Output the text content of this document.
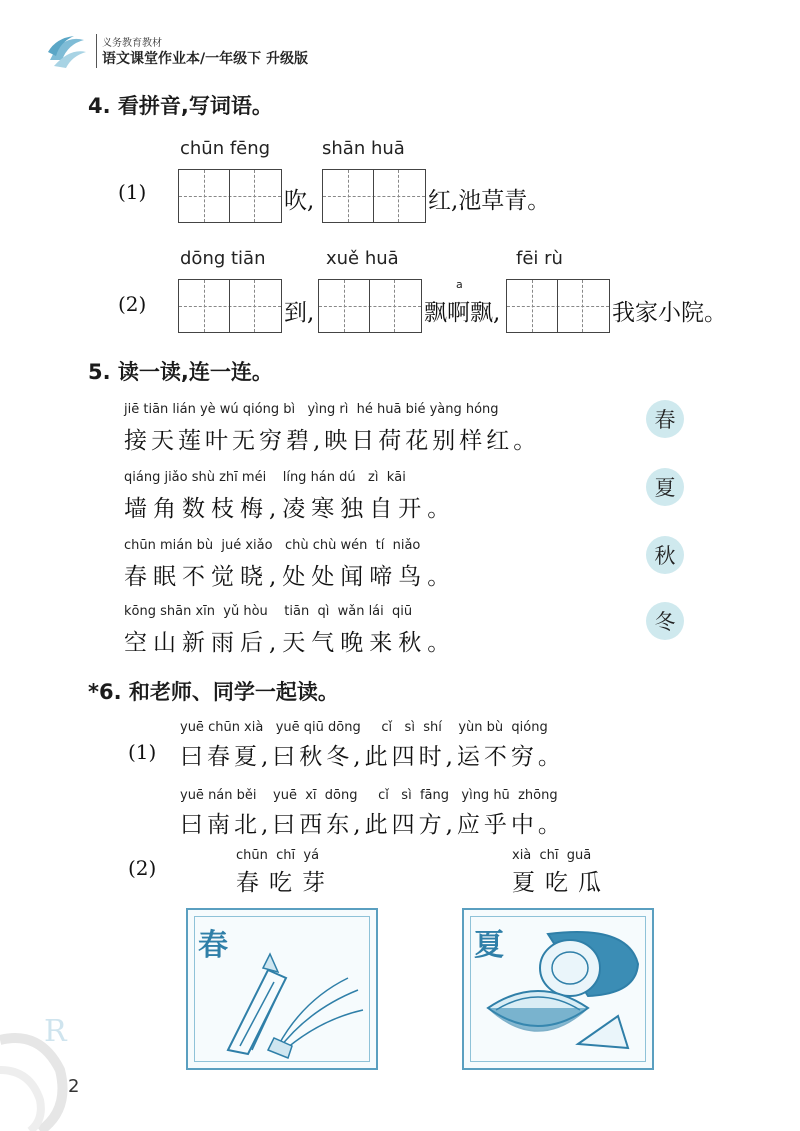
义务教育教材
语文课堂作业本/一年级下 升级版
4. 看拼音,写词语。
chūn fēng	shān huā
(1)	吹,	红,池草青。
dōng tiān	xuě huā
a
fēi rù
(2)	到,	飘啊飘,	我家小院。
5. 读一读,连一连。
jiē tiān lián yè wú qióng bì   yìng rì  hé huā bié yàng hóng
接天莲叶无穷碧,映日荷花别样红。
qiáng jiǎo shù zhī méi    líng hán dú   zì  kāi
墙角数枝梅,凌寒独自开。
chūn mián bù  jué xiǎo   chù chù wén  tí  niǎo
春眠不觉晓,处处闻啼鸟。
kōng shān xīn  yǔ hòu    tiān  qì  wǎn lái  qiū
空山新雨后,天气晚来秋。
春
夏
秋
冬
*6. 和老师、同学一起读。
(1)
yuē chūn xià   yuē qiū dōng     cǐ   sì  shí    yùn bù  qióng
曰春夏,曰秋冬,此四时,运不穷。
yuē nán běi    yuē  xī  dōng     cǐ   sì  fāng   yìng hū  zhōng
曰南北,曰西东,此四方,应乎中。
(2)
chūn  chī  yá
春吃芽
xià  chī  guā
夏吃瓜
春	夏
R
2
